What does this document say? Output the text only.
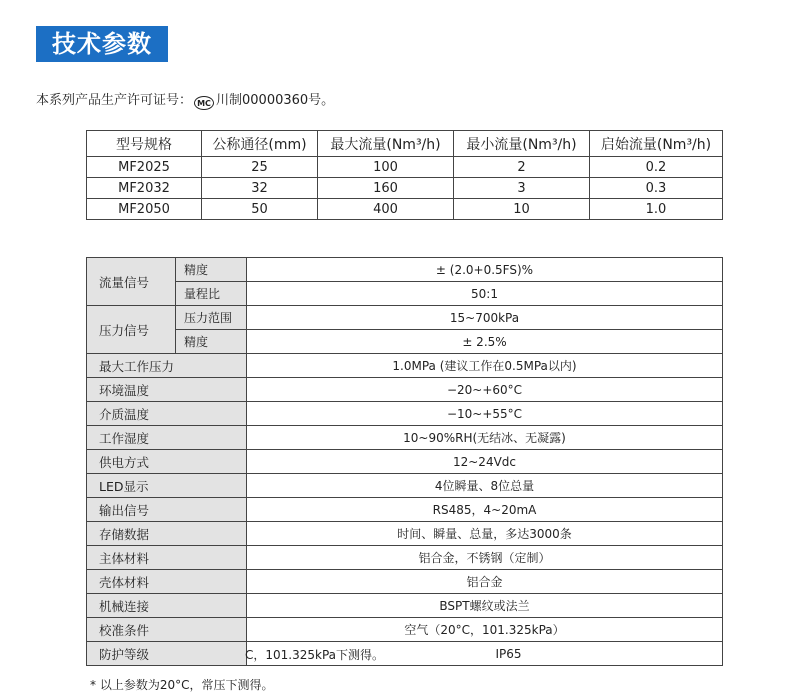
技术参数
本系列产品生产许可证号： MC 川制00000360号。
型号规格	公称通径(mm)	最大流量(Nm³/h)	最小流量(Nm³/h)	启始流量(Nm³/h)
MF2025	25	100	2	0.2
MF2032	32	160	3	0.3
MF2050	50	400	10	1.0
流量信号	精度	± (2.0+0.5FS)%
	量程比	50:1
压力信号	压力范围	15~700kPa
	精度	± 2.5%
最大工作压力		1.0MPa (建议工作在0.5MPa以内)
环境温度		−20~+60°C
介质温度		−10~+55°C
工作湿度		10~90%RH(无结冰、无凝露)
供电方式		12~24Vdc
LED显示		4位瞬量、8位总量
输出信号		RS485，4~20mA
存储数据		时间、瞬量、总量，多达3000条
主体材料		铝合金，不锈钢（定制）
壳体材料		铝合金
机械连接		BSPT螺纹或法兰
校准条件		空气（20°C，101.325kPa）
防护等级		C，101.325kPa下测得。 IP65
* 以上参数为20°C，常压下测得。
